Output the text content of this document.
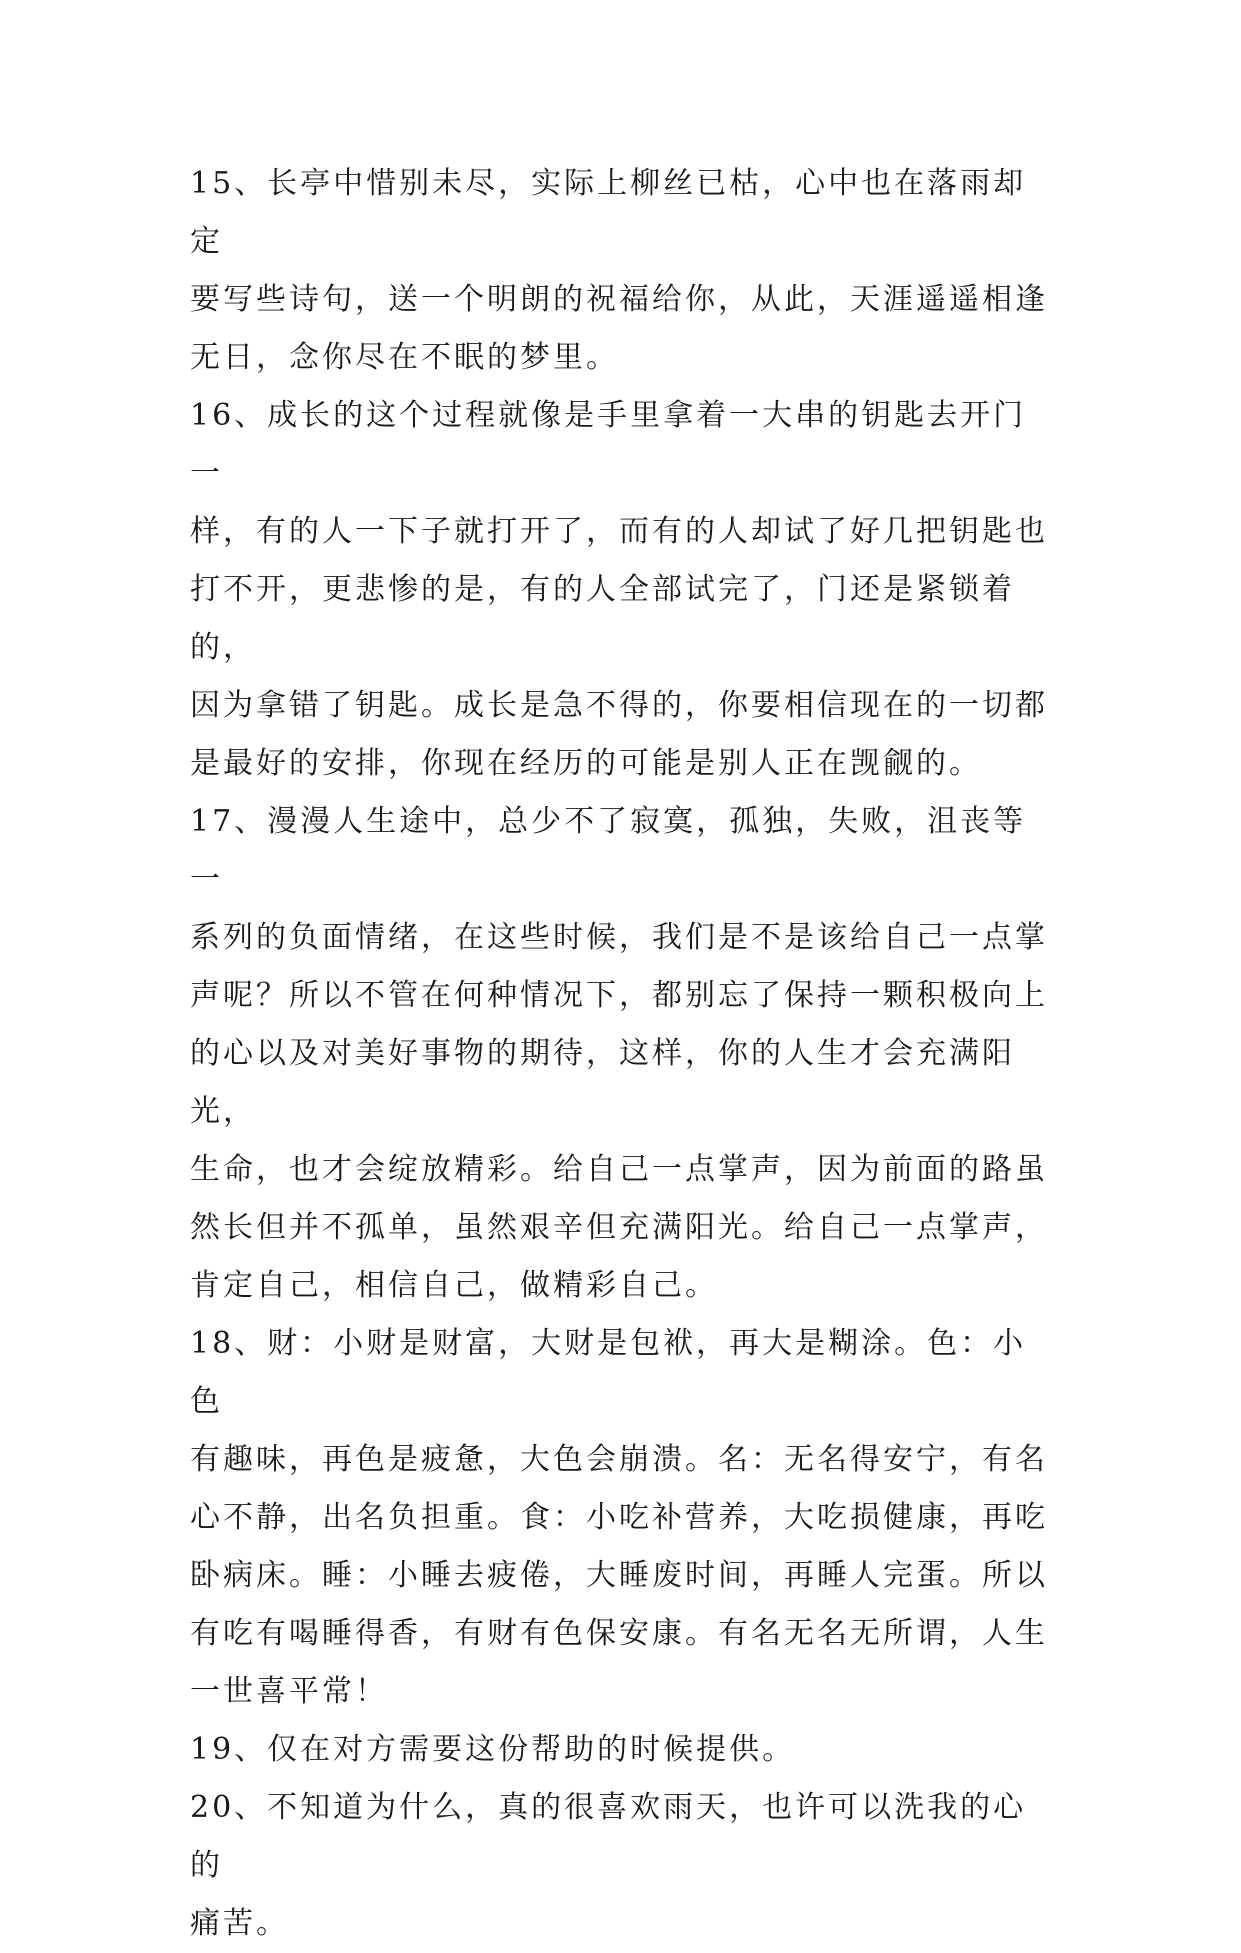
15、长亭中惜别未尽，实际上柳丝已枯，心中也在落雨却定
要写些诗句，送一个明朗的祝福给你，从此，天涯遥遥相逢
无日，念你尽在不眠的梦里。

16、成长的这个过程就像是手里拿着一大串的钥匙去开门一
样，有的人一下子就打开了，而有的人却试了好几把钥匙也
打不开，更悲惨的是，有的人全部试完了，门还是紧锁着的，
因为拿错了钥匙。成长是急不得的，你要相信现在的一切都
是最好的安排，你现在经历的可能是别人正在觊觎的。

17、漫漫人生途中，总少不了寂寞，孤独，失败，沮丧等一
系列的负面情绪，在这些时候，我们是不是该给自己一点掌
声呢？所以不管在何种情况下，都别忘了保持一颗积极向上
的心以及对美好事物的期待，这样，你的人生才会充满阳光，
生命，也才会绽放精彩。给自己一点掌声，因为前面的路虽
然长但并不孤单，虽然艰辛但充满阳光。给自己一点掌声，
肯定自己，相信自己，做精彩自己。

18、财：小财是财富，大财是包袱，再大是糊涂。色：小色
有趣味，再色是疲惫，大色会崩溃。名：无名得安宁，有名
心不静，出名负担重。食：小吃补营养，大吃损健康，再吃
卧病床。睡：小睡去疲倦，大睡废时间，再睡人完蛋。所以
有吃有喝睡得香，有财有色保安康。有名无名无所谓，人生
一世喜平常！

19、仅在对方需要这份帮助的时候提供。

20、不知道为什么，真的很喜欢雨天，也许可以洗我的心的
痛苦。
